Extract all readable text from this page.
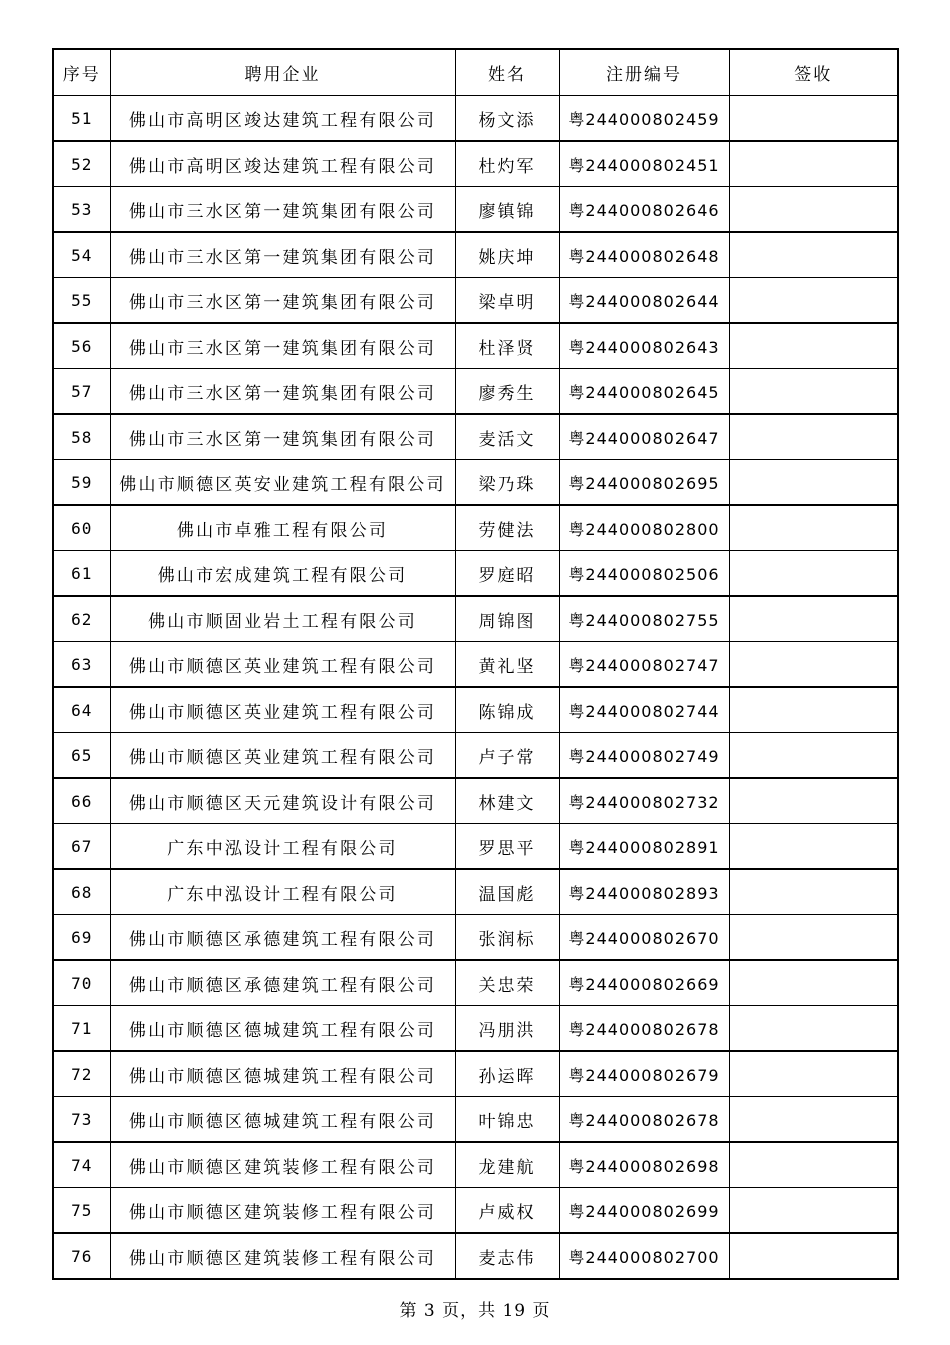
序号	聘用企业	姓名	注册编号	签收
51	佛山市高明区竣达建筑工程有限公司	杨文添	粤244000802459	
52	佛山市高明区竣达建筑工程有限公司	杜灼军	粤244000802451	
53	佛山市三水区第一建筑集团有限公司	廖镇锦	粤244000802646	
54	佛山市三水区第一建筑集团有限公司	姚庆坤	粤244000802648	
55	佛山市三水区第一建筑集团有限公司	梁卓明	粤244000802644	
56	佛山市三水区第一建筑集团有限公司	杜泽贤	粤244000802643	
57	佛山市三水区第一建筑集团有限公司	廖秀生	粤244000802645	
58	佛山市三水区第一建筑集团有限公司	麦活文	粤244000802647	
59	佛山市顺德区英安业建筑工程有限公司	梁乃珠	粤244000802695	
60	佛山市卓雅工程有限公司	劳健法	粤244000802800	
61	佛山市宏成建筑工程有限公司	罗庭昭	粤244000802506	
62	佛山市顺固业岩土工程有限公司	周锦图	粤244000802755	
63	佛山市顺德区英业建筑工程有限公司	黄礼坚	粤244000802747	
64	佛山市顺德区英业建筑工程有限公司	陈锦成	粤244000802744	
65	佛山市顺德区英业建筑工程有限公司	卢子常	粤244000802749	
66	佛山市顺德区天元建筑设计有限公司	林建文	粤244000802732	
67	广东中泓设计工程有限公司	罗思平	粤244000802891	
68	广东中泓设计工程有限公司	温国彪	粤244000802893	
69	佛山市顺德区承德建筑工程有限公司	张润标	粤244000802670	
70	佛山市顺德区承德建筑工程有限公司	关忠荣	粤244000802669	
71	佛山市顺德区德城建筑工程有限公司	冯朋洪	粤244000802678	
72	佛山市顺德区德城建筑工程有限公司	孙运晖	粤244000802679	
73	佛山市顺德区德城建筑工程有限公司	叶锦忠	粤244000802678	
74	佛山市顺德区建筑装修工程有限公司	龙建航	粤244000802698	
75	佛山市顺德区建筑装修工程有限公司	卢威权	粤244000802699	
76	佛山市顺德区建筑装修工程有限公司	麦志伟	粤244000802700	
第 3 页，共 19 页
